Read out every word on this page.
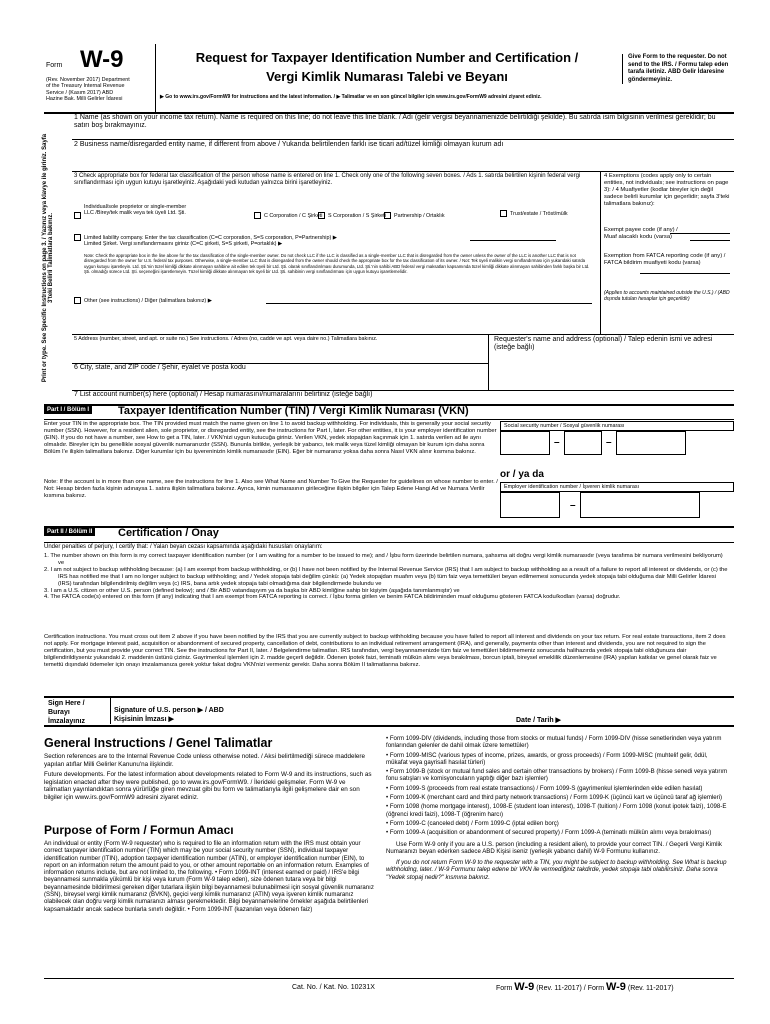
Form W-9
(Rev. November 2017) Department
of the Treasury Internal Revenue
Service / (Kasım 2017) ABD
Hazine Bak. Milli Gelirler İdaresi
Request for Taxpayer Identification Number and Certification /
Vergi Kimlik Numarası Talebi ve Beyanı
▶ Go to www.irs.gov/FormW9 for instructions and the latest information. / ▶ Talimatlar ve en son güncel bilgiler için www.irs.gov/FormW9 adresini ziyaret ediniz.
Give Form to the requester. Do not send to the IRS. / Formu talep eden tarafa iletiniz. ABD Gelir İdaresine göndermeyiniz.
Print or type. See Specific Instructions on page 3. / Yazınız veya klavye ile giriniz. Sayfa 3'teki Belirli Talimatlara bakınız.
1 Name (as shown on your income tax return). Name is required on this line; do not leave this line blank. / Adı (gelir vergisi beyannamenizde belirtildiği şekilde). Bu satırda isim bilgisinin verilmesi gereklidir; bu satırı boş bırakmayınız.
2 Business name/disregarded entity name, if different from above / Yukarıda belirtilenden farklı ise ticari ad/tüzel kimliği olmayan kurum adı
3 Check appropriate box for federal tax classification of the person whose name is entered on line 1. Check only one of the following seven boxes. / Ads 1. satırda belirtilen kişinin federal vergi sınıflandırması için uygun kutuyu işaretleyiniz. Aşağıdaki yedi kutudan yalnızca birini işaretleyiniz.
Individual/sole proprietor or single-member LLC /Birey/tek malik veya tek üyeli Ltd. Şti.	C Corporation / C Şirketi	S Corporation / S Şirketi	Partnership / Ortaklık	Trust/estate / Tröst/mülk
Limited liability company. Enter the tax classification (C=C corporation, S=S corporation, P=Partnership) ▶
Limited Şirket. Vergi sınıflandırmasını giriniz (C=C şirketi, S=S şirketi, P=ortaklık) ▶
Note: Check the appropriate box in the line above for the tax classification of the single-member owner. Do not check LLC if the LLC is classified as a single-member LLC that is disregarded from the owner unless the owner of the LLC is another LLC that is not disregarded from the owner for U.S. federal tax purposes. Otherwise, a single-member LLC that is disregarded from the owner should check the appropriate box for the tax classification of its owner. / Not: Tek üyeli malikin vergi sınıflandırması için yukarıdaki satırda uygun kutuyu işaretleyin. Ltd. Şti.'nin tüzel kimliği dikkate alınmayan sahibine ait edilen tek üyeli bir Ltd. Şti. olarak sınıflandırılması durumunda, Ltd. Şti.'nin sahibi ABD federal vergi maksatları kapsamında tüzel kimliği dikkate alınmayan sahibinden farklı başka bir Ltd. Şti. olmadığı sürece Ltd. Şti. seçeneğini işaretlemeyin. Tüzel kimliği dikkate alınmayan tek üyeli bir Ltd. Şti. sahibinin vergi sınıflandırması için uygun kutuyu işaretlemelidir.
Other (see instructions) / Diğer (talimatlara bakınız) ▶
4 Exemptions (codes apply only to certain entities, not individuals; see instructions on page 3): / 4 Muafiyetler (kodlar bireyler için değil sadece belirli kurumlar için geçerlidir; sayfa 3'teki talimatlara bakınız):
Exempt payee code (if any) / Muaf alacaklı kodu (varsa)
Exemption from FATCA reporting code (if any) / FATCA bildirim muafiyeti kodu (varsa)
(Applies to accounts maintained outside the U.S.) / (ABD dışında tutulan hesaplar için geçerlidir)
5 Address (number, street, and apt. or suite no.) See instructions. / Adres (no, cadde ve apt. veya daire no.) Talimatlara bakınız.	Requester's name and address (optional) / Talep edenin ismi ve adresi (isteğe bağlı)
6 City, state, and ZIP code / Şehir, eyalet ve posta kodu
7 List account number(s) here (optional) / Hesap numarasını/numaralarını belirtiniz (isteğe bağlı)
Part I / Bölüm I	Taxpayer Identification Number (TIN) / Vergi Kimlik Numarası (VKN)
Enter your TIN in the appropriate box. The TIN provided must match the name given on line 1 to avoid backup withholding. For individuals, this is generally your social security number (SSN). However, for a resident alien, sole proprietor, or disregarded entity, see the instructions for Part I, later. For other entities, it is your employer identification number (EIN). If you do not have a number, see How to get a TIN, later. / VKN'nizi uygun kutucuğa giriniz. Verilen VKN, yedek stopajdan kaçınmak için 1. satırda verilen ad ile aynı olmalıdır. Bireyler için bu genellikle sosyal güvenlik numaranızdır (SSN). Bununla birlikte, yerleşik bir yabancı, tek malik veya tüzel kimliği olmayan bir kurum için daha sonra Bölüm I'e ilişkin talimatlara bakınız. Diğer kurumlar için bu işvereninizin kimlik numarasıdır (EIN). Eğer bir numaranız yoksa daha sonra Nasıl VKN alınır kısmına bakınız.
Note: If the account is in more than one name, see the instructions for line 1. Also see What Name and Number To Give the Requester for guidelines on whose number to enter. / Not: Hesap birden fazla kişinin adınaysa 1. satıra ilişkin talimatlara bakınız. Ayrıca, kimin numarasının girileceğine ilişkin bilgiler için Talep Edene Hangi Ad ve Numara Verilir kısmına bakınız.
Social security number / Sosyal güvenlik numarası
–	–
or / ya da
Employer identification number / İşveren kimlik numarası
–
Part II / Bölüm II Certification / Onay
Under penalties of perjury, I certify that: / Yalan beyan cezası kapsamında aşağıdaki hususları onaylarım:
1. The number shown on this form is my correct taxpayer identification number (or I am waiting for a number to be issued to me); and / İşbu form üzerinde belirtilen numara, şahsıma ait doğru vergi kimlik numarasıdır (veya tarafıma bir numara verilmesini bekliyorum) ve
2. I am not subject to backup withholding because: (a) I am exempt from backup withholding, or (b) I have not been notified by the Internal Revenue Service (IRS) that I am subject to backup withholding as a result of a failure to report all interest or dividends, or (c) the IRS has notified me that I am no longer subject to backup withholding; and / Yedek stopaja tabi değilim çünkü: (a) Yedek stopajdan muafım veya (b) tüm faiz veya temettüleri beyan edilmemesi sonucunda yedek stopaja tabi olduğuma dair Milli Gelirler İdaresi (IRS) tarafından bilgilendirilmiş değilim veya (c) IRS, bana artık yedek stopaja tabi olmadığıma dair bilgilendirmede bulundu ve
3. I am a U.S. citizen or other U.S. person (defined below); and / Bir ABD vatandaşıyım ya da başka bir ABD kimliğine sahip bir kişiyim (aşağıda tanımlanmıştır) ve
4. The FATCA code(s) entered on this form (if any) indicating that I am exempt from FATCA reporting is correct. / İşbu forma girilen ve benim FATCA bildiriminden muaf olduğumu gösteren FATCA kodu/kodları (varsa) doğrudur.
Certification instructions. You must cross out item 2 above if you have been notified by the IRS that you are currently subject to backup withholding because you have failed to report all interest and dividends on your tax return. For real estate transactions, item 2 does not apply. For mortgage interest paid, acquisition or abandonment of secured property, cancellation of debt, contributions to an individual retirement arrangement (IRA), and generally, payments other than interest and dividends, you are not required to sign the certification, but you must provide your correct TIN. See the instructions for Part II, later. / Belgelendirme talimatları. IRS tarafından, vergi beyannamenizde tüm faiz ve temettüleri bildirmemeniz sonucunda halihazırda yedek stopaja tabi olduğunuza dair bilgilendirildiyseniz yukarıdaki 2. maddenin üstünü çiziniz. Gayrimenkul işlemleri için 2. madde geçerli değildir. Ödenen ipotek faizi, teminatlı mülkün alımı veya bırakılması, borcun iptali, bireysel emeklilik düzenlemesine (IRA) yapılan katkılar ve genel olarak faiz ve temettü dışındaki ödemeler için onayı imzalamanıza gerek yoktur fakat doğru VKN'nizi vermeniz gerekir. Daha sonra Bölüm II talimatlarına bakınız.
Sign Here / Burayı İmzalayınız
Signature of U.S. person ▶ / ABD Kişisinin İmzası ▶	Date / Tarih ▶
General Instructions / Genel Talimatlar
Section references are to the Internal Revenue Code unless otherwise noted. / Aksi belirtilmediği sürece maddelere yapılan atıflar Milli Gelirler Kanunu'na ilişkindir.
Future developments. For the latest information about developments related to Form W-9 and its instructions, such as legislation enacted after they were published, go to www.irs.gov/FormW9. / İlerideki gelişmeler. Form W-9 ve talimatları yayınlandıktan sonra yürürlüğe giren mevzuat gibi bu form ve talimatlarıyla ilgili gelişmelere dair en son bilgiler için www.irs.gov/FormW9 adresini ziyaret ediniz.
Purpose of Form / Formun Amacı
An individual or entity (Form W-9 requester) who is required to file an information return with the IRS must obtain your correct taxpayer identification number (TIN) which may be your social security number (SSN), individual taxpayer identification number (ITIN), adoption taxpayer identification number (ATIN), or employer identification number (EIN), to report on an information return the amount paid to you, or other amount reportable on an information return. Examples of information returns include, but are not limited to, the following. • Form 1099-INT (interest earned or paid) / IRS'e bilgi beyannamesi sunmakla yükümlü bir kişi veya kurum (Form W-9 talep eden), size ödenen tutara veya bir bilgi beyannamesinde bildirilmesi gereken diğer tutarlara ilişkin bilgi beyannamesi bulunabilmesi için sosyal güvenlik numaranız (SSN), bireysel vergi kimlik numaranız (BVKN), geçici vergi kimlik numaranız (ATIN) veya işveren kimlik numaranız olabilecek olan doğru vergi kimlik numaranızı alması gerekmektedir. Bilgi beyannamelerine örnekler aşağıda belirtilenleri kapsamaktadır ancak sadece bunlarla sınırlı değildir. • Form 1099-INT (kazanılan veya ödenen faiz)
• Form 1099-DIV (dividends, including those from stocks or mutual funds) / Form 1099-DIV (hisse senetlerinden veya yatırım fonlarından gelenler de dahil olmak üzere temettüler)
• Form 1099-MISC (various types of income, prizes, awards, or gross proceeds) / Form 1099-MISC (muhtelif gelir, ödül, mükafat veya gayrisafi hasılat türleri)
• Form 1099-B (stock or mutual fund sales and certain other transactions by brokers) / Form 1099-B (hisse senedi veya yatırım fonu satışları ve komisyoncuların yaptığı diğer bazı işlemler)
• Form 1099-S (proceeds from real estate transactions) / Form 1099-S (gayrimenkul işlemlerinden elde edilen hasılat)
• Form 1099-K (merchant card and third party network transactions) / Form 1099-K (üçüncü kart ve üçüncü taraf ağ işlemleri)
• Form 1098 (home mortgage interest), 1098-E (student loan interest), 1098-T (tuition) / Form 1098 (konut ipotek faizi), 1098-E (öğrenci kredi faizi), 1098-T (öğrenim harcı)
• Form 1099-C (canceled debt) / Form 1099-C (iptal edilen borç)
• Form 1099-A (acquisition or abandonment of secured property) / Form 1099-A (teminatlı mülkün alımı veya bırakılması)
Use Form W-9 only if you are a U.S. person (including a resident alien), to provide your correct TIN. / Geçerli Vergi Kimlik Numaranızı beyan ederken sadece ABD Kişisi iseniz (yerleşik yabancı dahil) W-9 Formunu kullanınız.
If you do not return Form W-9 to the requester with a TIN, you might be subject to backup withholding. See What is backup withholding, later. / W-9 Formunu talep edene bir VKN ile vermediğiniz takdirde, yedek stopaja tabi olabilirsiniz. Daha sonra "Yedek stopaj nedir?" kısmına bakınız.
Cat. No. / Kat. No. 10231X	Form W-9 (Rev. 11-2017) / Form W-9 (Rev. 11-2017)
